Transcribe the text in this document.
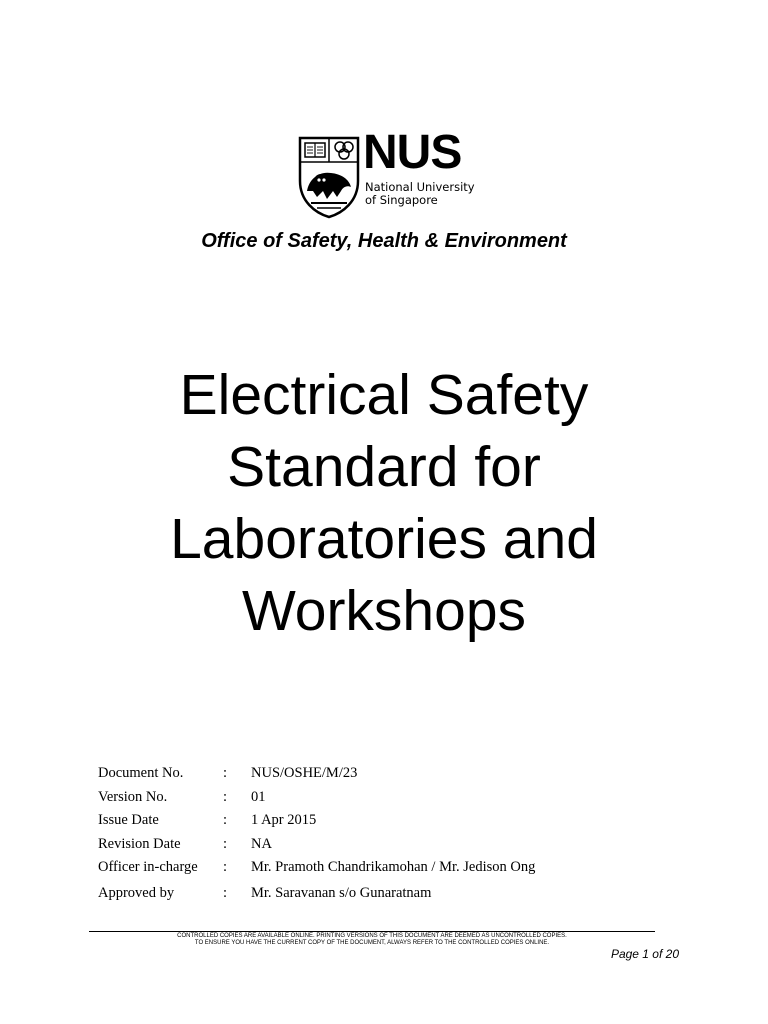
NUS
National University
of Singapore
Office of Safety, Health & Environment
Electrical Safety
Standard for
Laboratories and
Workshops
Document No.	: NUS/OSHE/M/23
Version No.	: 01
Issue Date	: 1 Apr 2015
Revision Date	: NA
Officer in-charge : Mr. Pramoth Chandrikamohan / Mr. Jedison Ong
Approved by	: Mr. Saravanan s/o Gunaratnam
CONTROLLED COPIES ARE AVAILABLE ONLINE. PRINTING VERSIONS OF THIS DOCUMENT ARE DEEMED AS UNCONTROLLED COPIES.
TO ENSURE YOU HAVE THE CURRENT COPY OF THE DOCUMENT, ALWAYS REFER TO THE CONTROLLED COPIES ONLINE.
Page 1 of 20
